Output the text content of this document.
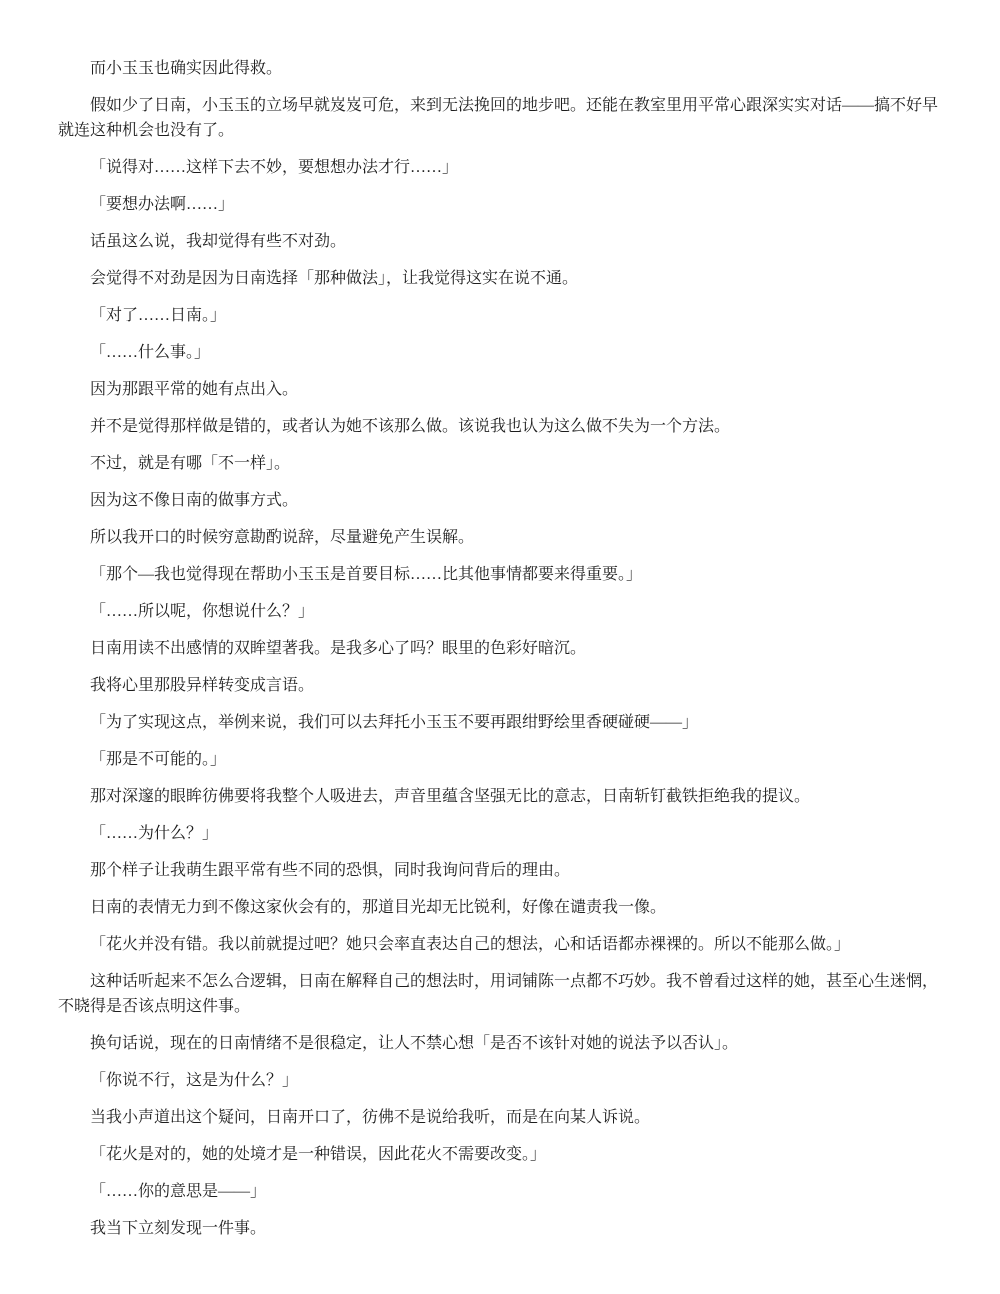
而小玉玉也确实因此得救。

假如少了日南，小玉玉的立场早就岌岌可危，来到无法挽回的地步吧。还能在教室里用平常心跟深实实对话——搞不好早就连这种机会也没有了。

「说得对……这样下去不妙，要想想办法才行……」

「要想办法啊……」

话虽这么说，我却觉得有些不对劲。

会觉得不对劲是因为日南选择「那种做法」，让我觉得这实在说不通。

「对了……日南。」

「……什么事。」

因为那跟平常的她有点出入。

并不是觉得那样做是错的，或者认为她不该那么做。该说我也认为这么做不失为一个方法。

不过，就是有哪「不一样」。

因为这不像日南的做事方式。

所以我开口的时候穷意勘酌说辞，尽量避免产生误解。

「那个—我也觉得现在帮助小玉玉是首要目标……比其他事情都要来得重要。」

「……所以呢，你想说什么？」

日南用读不出感情的双眸望著我。是我多心了吗？眼里的色彩好暗沉。

我将心里那股异样转变成言语。

「为了实现这点，举例来说，我们可以去拜托小玉玉不要再跟绀野绘里香硬碰硬——」

「那是不可能的。」

那对深邃的眼眸彷佛要将我整个人吸进去，声音里蕴含坚强无比的意志，日南斩钉截铁拒绝我的提议。

「……为什么？」

那个样子让我萌生跟平常有些不同的恐惧，同时我询问背后的理由。

日南的表情无力到不像这家伙会有的，那道目光却无比锐利，好像在谴责我一像。

「花火并没有错。我以前就提过吧？她只会率直表达自己的想法，心和话语都赤裸裸的。所以不能那么做。」

这种话听起来不怎么合逻辑，日南在解释自己的想法时，用词铺陈一点都不巧妙。我不曾看过这样的她，甚至心生迷惘，不晓得是否该点明这件事。

换句话说，现在的日南情绪不是很稳定，让人不禁心想「是否不该针对她的说法予以否认」。

「你说不行，这是为什么？」

当我小声道出这个疑问，日南开口了，彷佛不是说给我听，而是在向某人诉说。

「花火是对的，她的处境才是一种错误，因此花火不需要改变。」

「……你的意思是——」

我当下立刻发现一件事。
